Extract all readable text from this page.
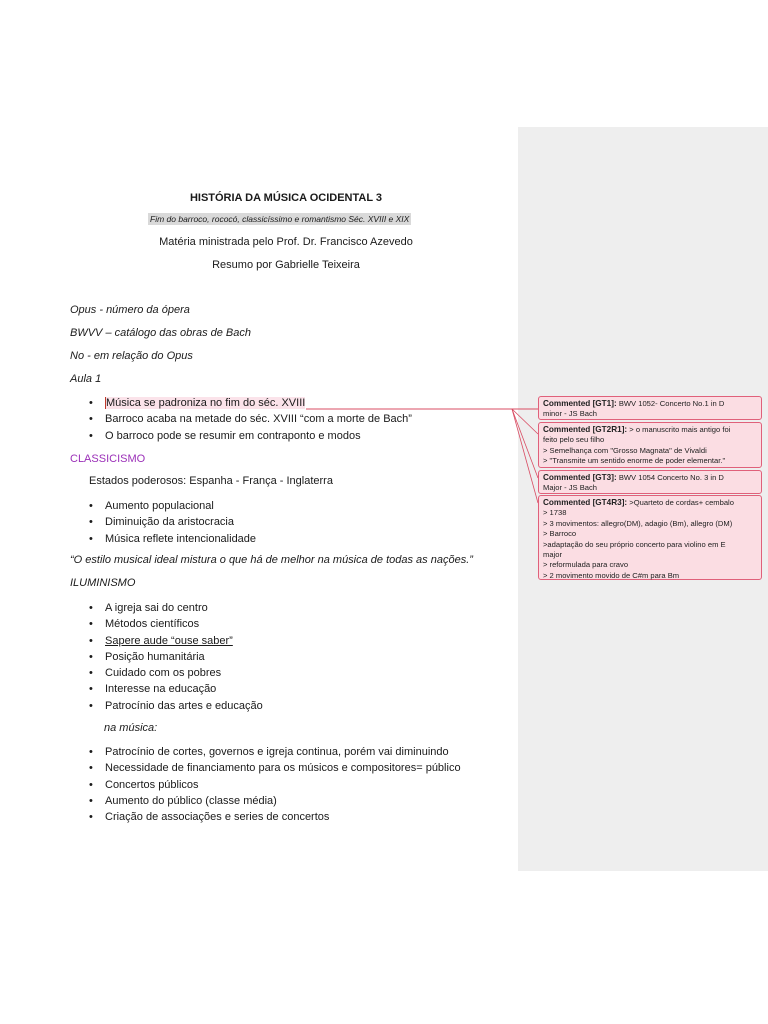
HISTÓRIA DA MÚSICA OCIDENTAL 3
Fim do barroco, rococó, classicíssimo e romantismo Séc. XVIII e XIX
Matéria ministrada pelo Prof. Dr. Francisco Azevedo
Resumo por Gabrielle Teixeira
Opus - número da ópera
BWVV – catálogo das obras de Bach
No - em relação do Opus
Aula 1
• Música se padroniza no fim do séc. XVIII
• Barroco acaba na metade do séc. XVIII “com a morte de Bach”
• O barroco pode se resumir em contraponto e modos
CLASSICISMO
Estados poderosos: Espanha - França - Inglaterra
• Aumento populacional
• Diminuição da aristocracia
• Música reflete intencionalidade
“O estilo musical ideal mistura o que há de melhor na música de todas as nações.”
ILUMINISMO
• A igreja sai do centro
• Métodos científicos
• Sapere aude “ouse saber”
• Posição humanitária
• Cuidado com os pobres
• Interesse na educação
• Patrocínio das artes e educação
na música:
• Patrocínio de cortes, governos e igreja continua, porém vai diminuindo
• Necessidade de financiamento para os músicos e compositores= público
• Concertos públicos
• Aumento do público (classe média)
• Criação de associações e series de concertos
Commented [GT1]: BWV 1052- Concerto No.1 in D
minor - JS Bach
Commented [GT2R1]: > o manuscrito mais antigo foi
feito pelo seu filho
> Semelhança com "Grosso Magnata" de Vivaldi
> "Transmite um sentido enorme de poder elementar."
Commented [GT3]: BWV 1054 Concerto No. 3 in D
Major - JS Bach
Commented [GT4R3]: >Quarteto de cordas+ cembalo
> 1738
> 3 movimentos: allegro(DM), adagio (Bm), allegro (DM)
> Barroco
>adaptação do seu próprio concerto para violino em E
major
> reformulada para cravo
> 2 movimento movido de C#m para Bm
